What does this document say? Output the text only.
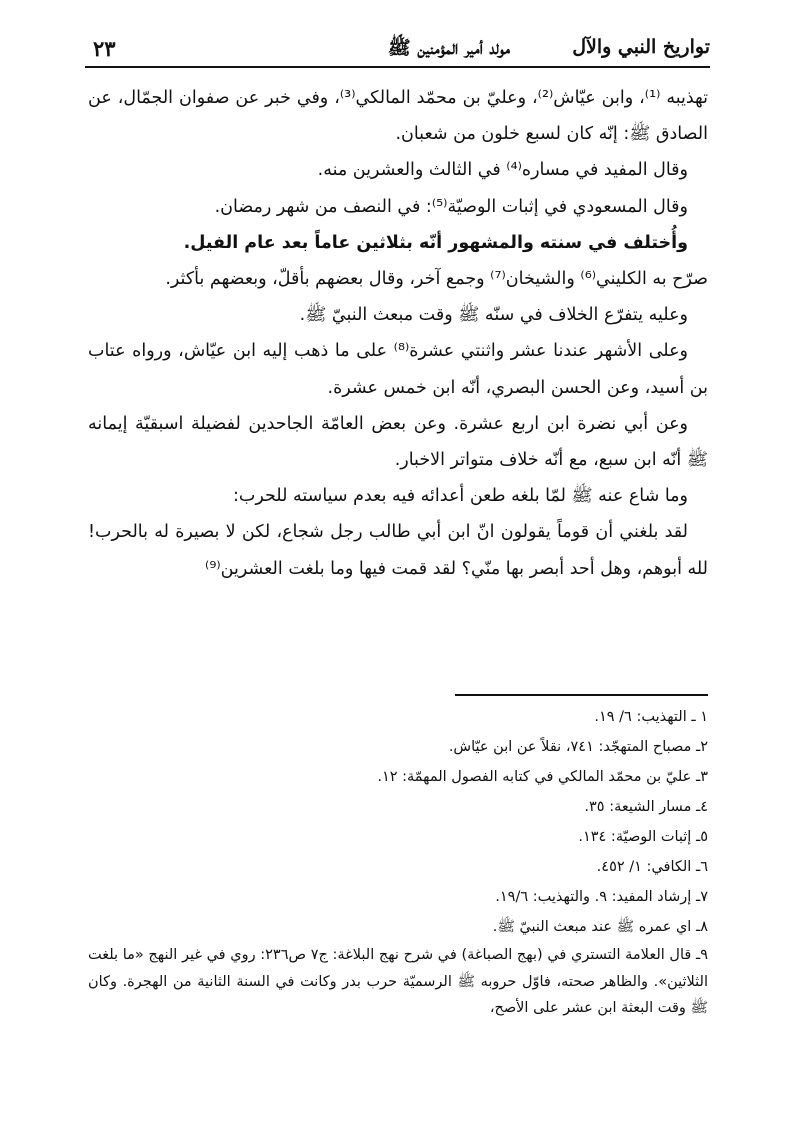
تواريخ النبي والآل
مولد أمير المؤمنين ﷺ
٢٣

تهذيبه ⁽¹⁾، وابن عيّاش⁽²⁾، وعليّ بن محمّد المالكي⁽³⁾، وفي خبر عن صفوان الجمّال، عن الصادق ﷺ: إنّه كان لسبع خلون من شعبان.

وقال المفيد في مساره⁽⁴⁾ في الثالث والعشرين منه.

وقال المسعودي في إثبات الوصيّة⁽⁵⁾: في النصف من شهر رمضان.

وأُختلف في سنته والمشهور أنّه بثلاثين عاماً بعد عام الفيل.

صرّح به الكليني⁽⁶⁾ والشيخان⁽⁷⁾ وجمع آخر، وقال بعضهم بأقلّ، وبعضهم بأكثر.

وعليه يتفرّع الخلاف في سنّه ﷺ وقت مبعث النبيّ ﷺ.

وعلى الأشهر عندنا عشر واثنتي عشرة⁽⁸⁾ على ما ذهب إليه ابن عيّاش، ورواه عتاب بن أسيد، وعن الحسن البصري، أنّه ابن خمس عشرة.

وعن أبي نضرة ابن اربع عشرة. وعن بعض العامّة الجاحدين لفضيلة اسبقيّة إيمانه ﷺ أنّه ابن سبع، مع أنّه خلاف متواتر الاخبار.

وما شاع عنه ﷺ لمّا بلغه طعن أعدائه فيه بعدم سياسته للحرب:

لقد بلغني أن قوماً يقولون انّ ابن أبي طالب رجل شجاع، لكن لا بصيرة له بالحرب! لله أبوهم، وهل أحد أبصر بها منّي؟ لقد قمت فيها وما بلغت العشرين⁽⁹⁾

١ ـ التهذيب: ٦/ ١٩.

٢ـ مصباح المتهجّد: ٧٤١، نقلاً عن ابن عيّاش.

٣ـ عليّ بن محمّد المالكي في كتابه الفصول المهمّة: ١٢.

٤ـ مسار الشيعة: ٣٥.

٥ـ إثبات الوصيّة: ١٣٤.

٦ـ الكافي: ١/ ٤٥٢.

٧ـ إرشاد المفيد: ٩. والتهذيب: ١٩/٦.

٨ـ اي عمره ﷺ عند مبعث النبيّ ﷺ.

٩ـ قال العلامة التستري في (بهج الصباغة) في شرح نهج البلاغة: ج٧ ص٢٣٦: روي في غير النهج «ما بلغت الثلاثين». والظاهر صحته، فاوّل حروبه ﷺ الرسميّة حرب بدر وكانت في السنة الثانية من الهجرة. وكان ﷺ وقت البعثة ابن عشر على الأصح،
